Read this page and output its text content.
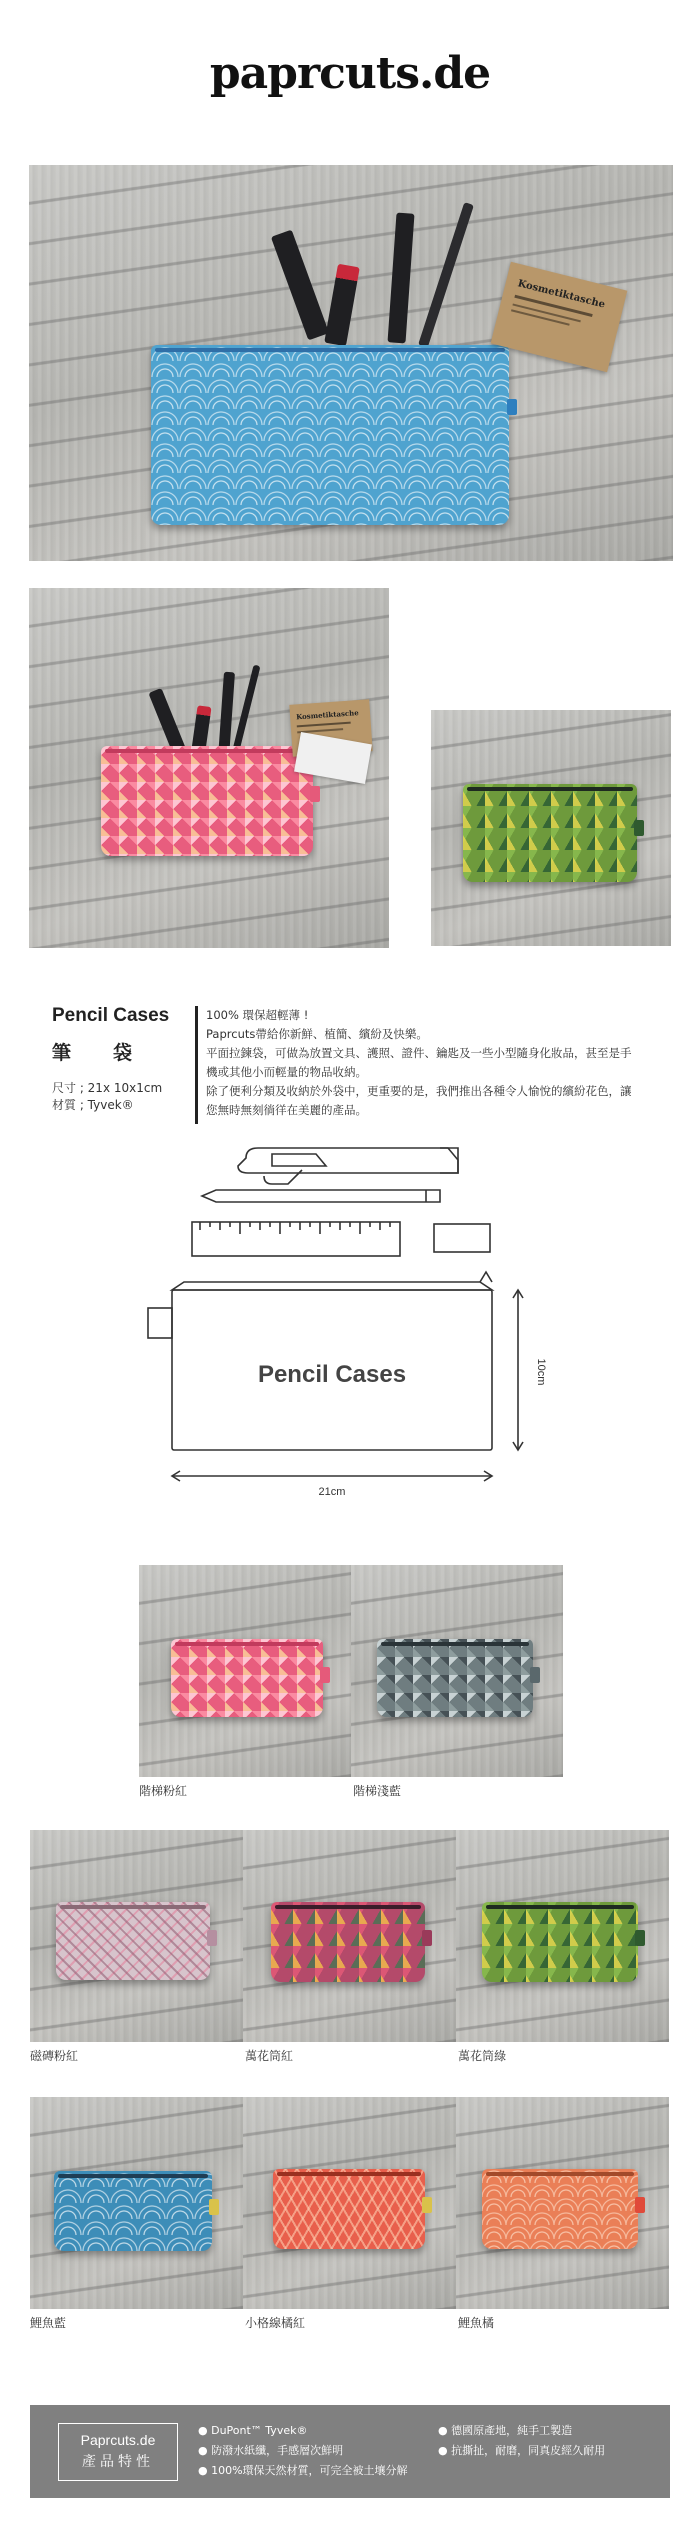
paprcuts.de
Kosmetiktasche
Kosmetiktasche
Pencil Cases
筆袋
尺寸 ; 21x 10x1cm
材質 ; Tyvek®
100% 環保超輕薄 !
Paprcuts帶給你新鮮、植簡、繽紛及快樂。
平面拉鍊袋，可做為放置文具、護照、證件、鑰匙及一些小型隨身化妝品，甚至是手
機或其他小而輕量的物品收納。
除了便利分類及收納於外袋中，更重要的是，我們推出各種令人愉悅的繽紛花色，讓
您無時無刻徜徉在美麗的產品。
Pencil Cases
21cm
10cm
階梯粉紅	階梯淺藍
磁磚粉紅	萬花筒紅	萬花筒綠
鯉魚藍	小格線橘紅	鯉魚橘
Paprcuts.de
產品特性
● DuPont™ Tyvek®
● 防潑水紙纖，手感層次鮮明
● 100%環保天然材質，可完全被土壤分解
● 德國原產地，純手工製造
● 抗撕扯，耐磨，同真皮經久耐用
